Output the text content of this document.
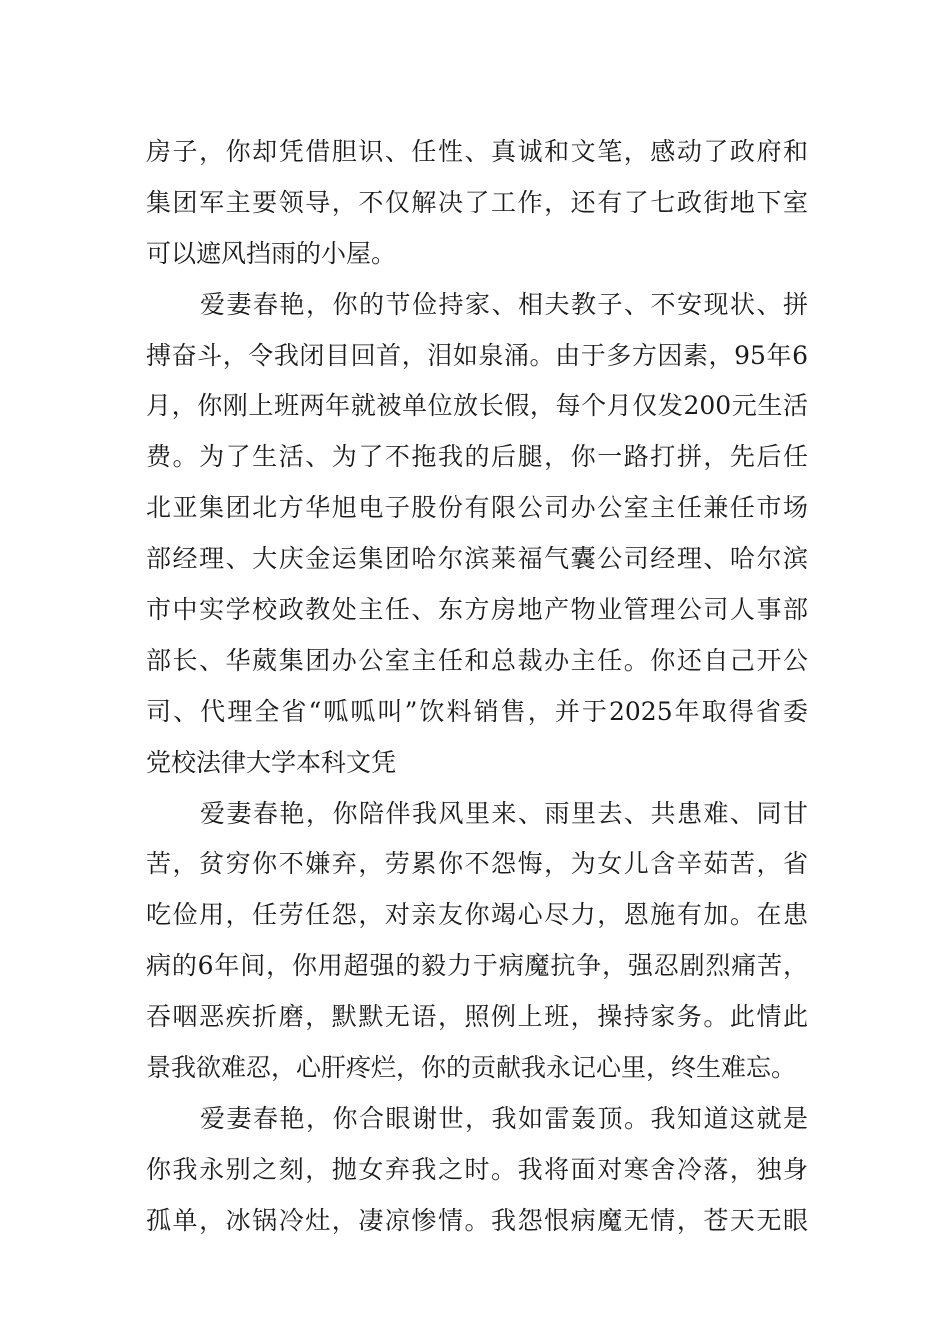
房子，你却凭借胆识、任性、真诚和文笔，感动了政府和
集团军主要领导，不仅解决了工作，还有了七政街地下室
可以遮风挡雨的小屋。
爱妻春艳，你的节俭持家、相夫教子、不安现状、拼
搏奋斗，令我闭目回首，泪如泉涌。由于多方因素，95年6
月，你刚上班两年就被单位放长假，每个月仅发200元生活
费。为了生活、为了不拖我的后腿，你一路打拼，先后任
北亚集团北方华旭电子股份有限公司办公室主任兼任市场
部经理、大庆金运集团哈尔滨莱福气囊公司经理、哈尔滨
市中实学校政教处主任、东方房地产物业管理公司人事部
部长、华葳集团办公室主任和总裁办主任。你还自己开公
司、代理全省“呱呱叫”饮料销售，并于2025年取得省委
党校法律大学本科文凭
爱妻春艳，你陪伴我风里来、雨里去、共患难、同甘
苦，贫穷你不嫌弃，劳累你不怨悔，为女儿含辛茹苦，省
吃俭用，任劳任怨，对亲友你竭心尽力，恩施有加。在患
病的6年间，你用超强的毅力于病魔抗争，强忍剧烈痛苦，
吞咽恶疾折磨，默默无语，照例上班，操持家务。此情此
景我欲难忍，心肝疼烂，你的贡献我永记心里，终生难忘。
爱妻春艳，你合眼谢世，我如雷轰顶。我知道这就是
你我永别之刻，抛女弃我之时。我将面对寒舍冷落，独身
孤单，冰锅冷灶，凄凉惨情。我怨恨病魔无情，苍天无眼
